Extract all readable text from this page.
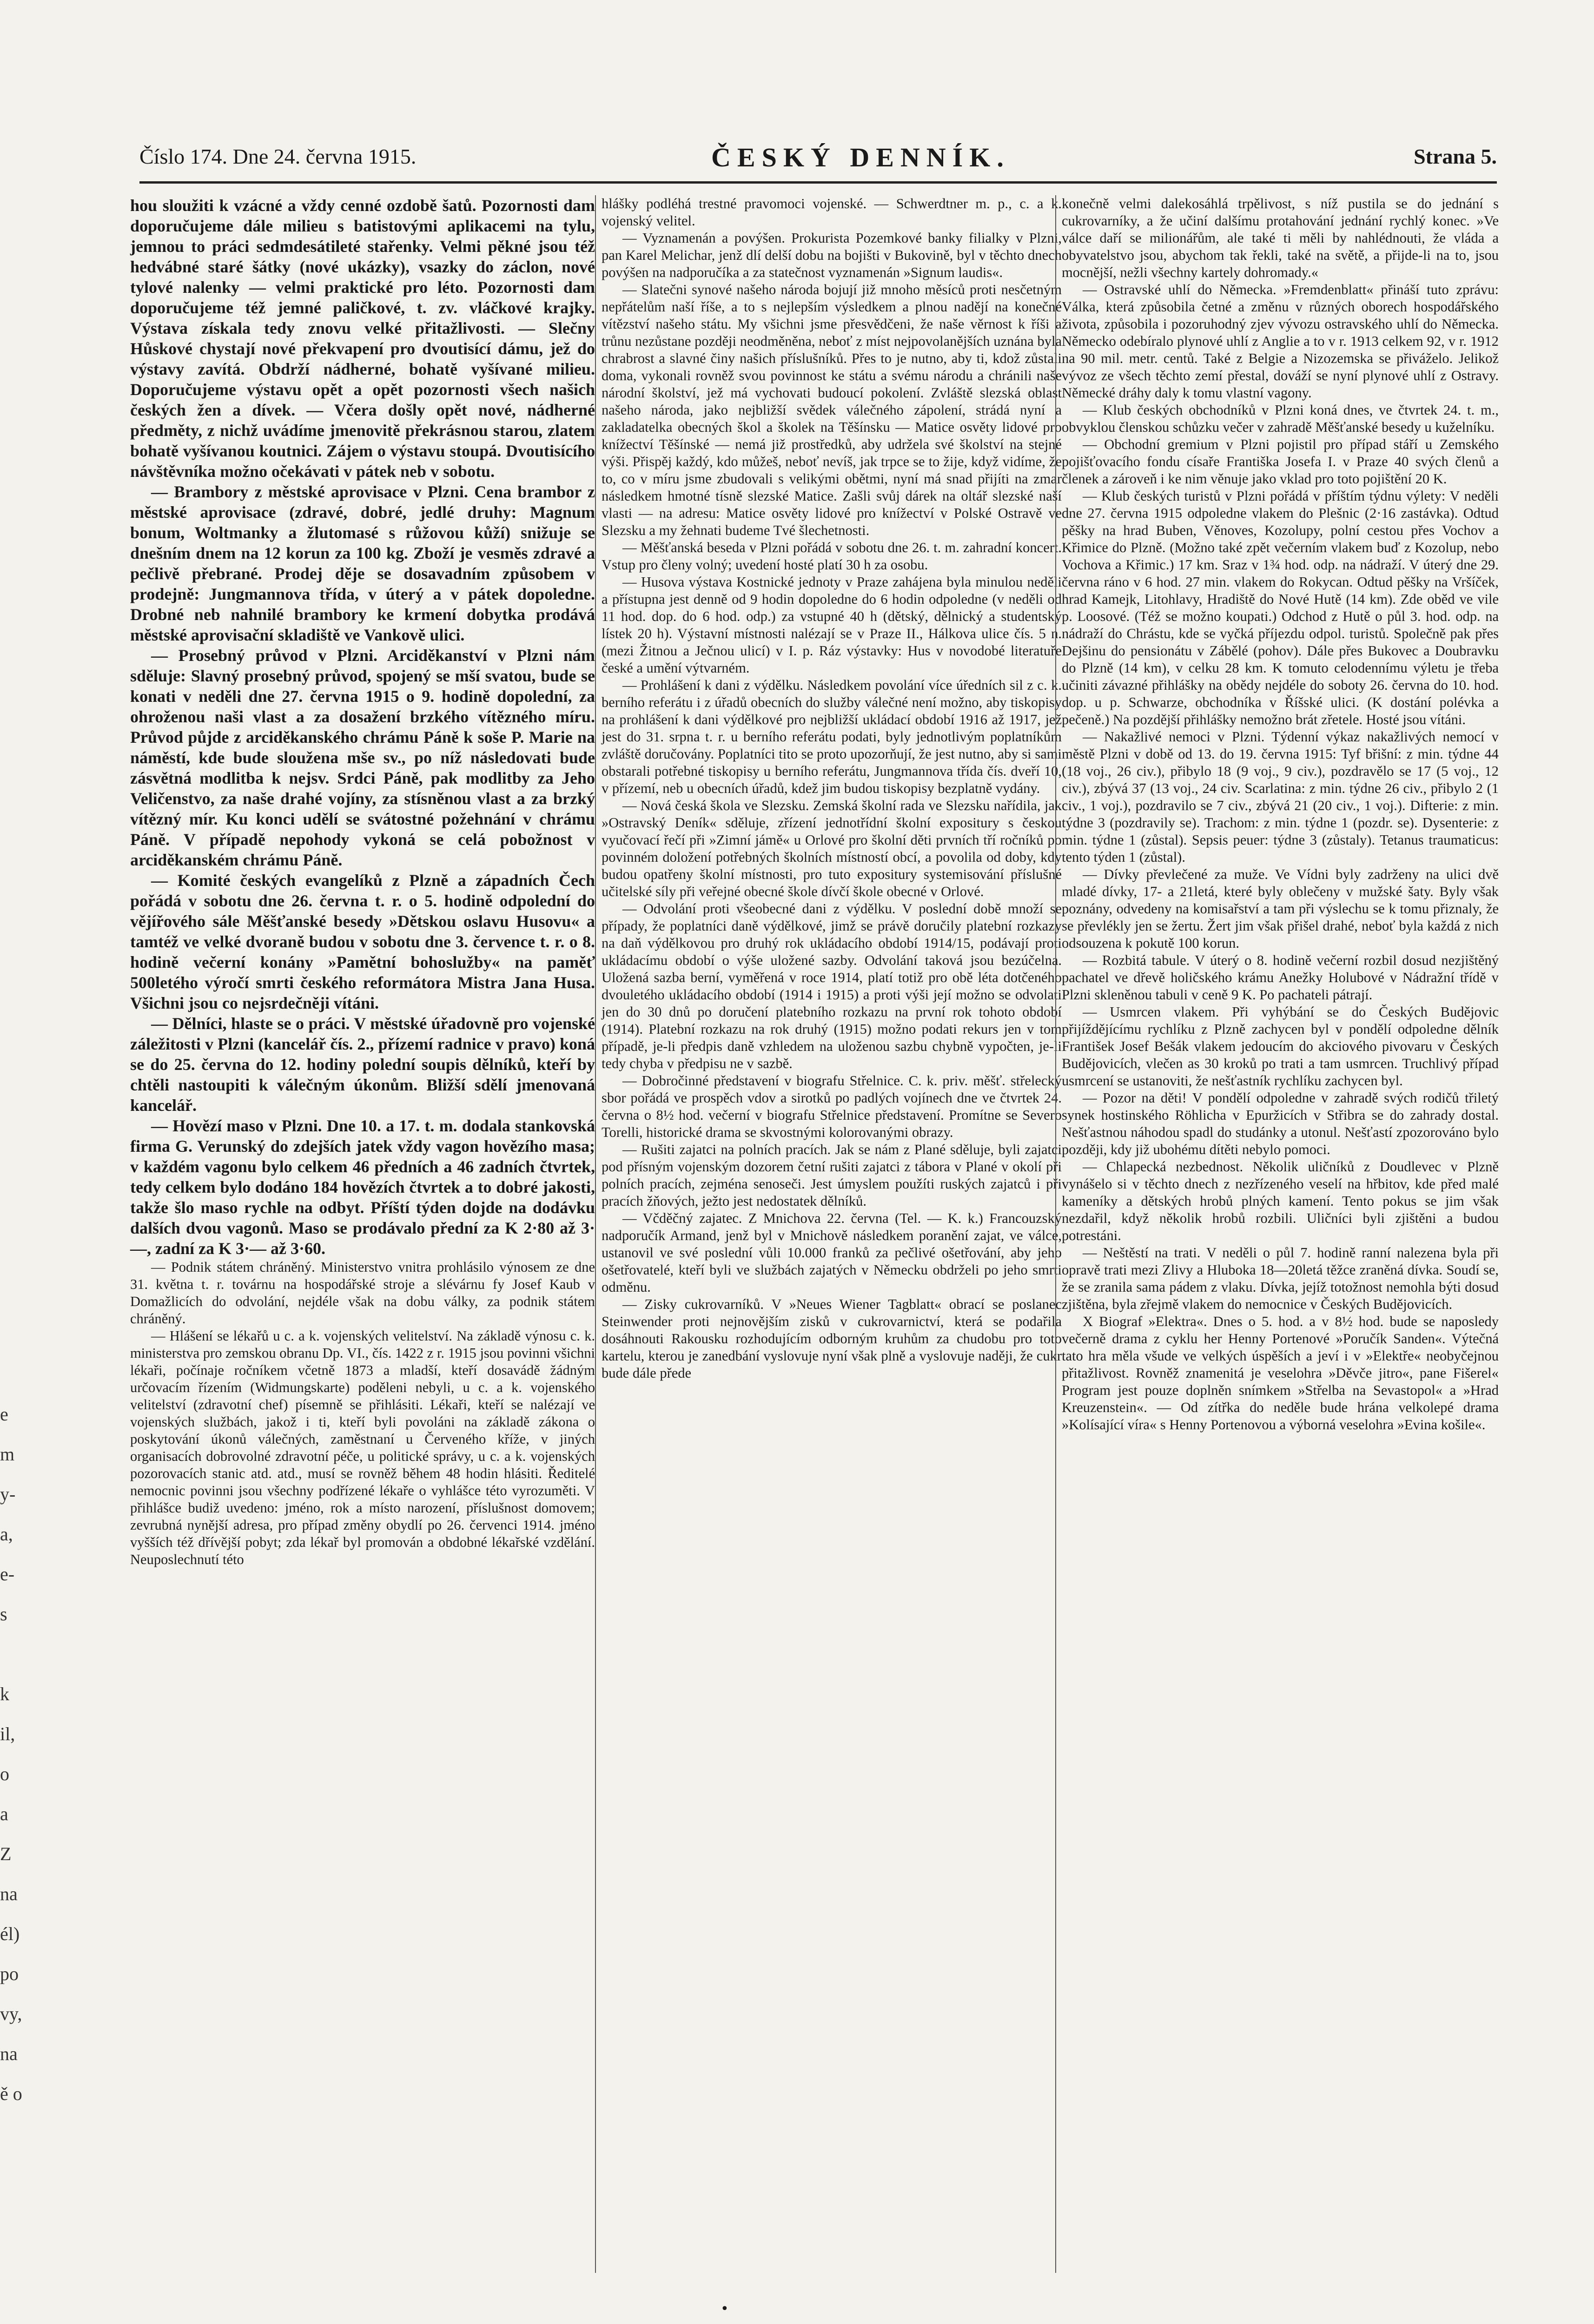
Číslo 174. Dne 24. června 1915.	ČESKÝ DENNÍK.	Strana 5.
e
m
y-
a,
e-
s

k
il,
o
a
Z
na
él)
po
vy,
na
ě o

hou sloužiti k vzácné a vždy cenné ozdobě šatů. Pozornosti dam doporučujeme dále milieu s batistovými aplikacemi na tylu, jemnou to práci sedmdesátileté stařenky. Velmi pěkné jsou též hedvábné staré šátky (nové ukázky), vsazky do záclon, nové tylové nalenky — velmi praktické pro léto. Pozornosti dam doporučujeme též jemné paličkové, t. zv. vláčkové krajky. Výstava získala tedy znovu velké přitažlivosti. — Slečny Hůskové chystají nové překvapení pro dvoutisící dámu, jež do výstavy zavítá. Obdrží nádherné, bohatě vyšívané milieu. Doporučujeme výstavu opět a opět pozornosti všech našich českých žen a dívek. — Včera došly opět nové, nádherné předměty, z nichž uvádíme jmenovitě překrásnou starou, zlatem bohatě vyšívanou koutnici. Zájem o výstavu stoupá. Dvoutisícího návštěvníka možno očekávati v pátek neb v sobotu.

— Brambory z městské aprovisace v Plzni. Cena brambor z městské aprovisace (zdravé, dobré, jedlé druhy: Magnum bonum, Woltmanky a žlutomasé s růžovou kůží) snižuje se dnešním dnem na 12 korun za 100 kg. Zboží je vesměs zdravé a pečlivě přebrané. Prodej děje se dosavadním způsobem v prodejně: Jungmannova třída, v úterý a v pátek dopoledne. Drobné neb nahnilé brambory ke krmení dobytka prodává městské aprovisační skladiště ve Vankově ulici.

— Prosebný průvod v Plzni. Arciděkanství v Plzni nám sděluje: Slavný prosebný průvod, spojený se mší svatou, bude se konati v neděli dne 27. června 1915 o 9. hodině dopolední, za ohroženou naši vlast a za dosažení brzkého vítězného míru. Průvod půjde z arciděkanského chrámu Páně k soše P. Marie na náměstí, kde bude sloužena mše sv., po níž následovati bude zásvětná modlitba k nejsv. Srdci Páně, pak modlitby za Jeho Veličenstvo, za naše drahé vojíny, za stísněnou vlast a za brzký vítězný mír. Ku konci udělí se svátostné požehnání v chrámu Páně. V případě nepohody vykoná se celá pobožnost v arciděkanském chrámu Páně.

— Komité českých evangelíků z Plzně a západních Čech pořádá v sobotu dne 26. června t. r. o 5. hodině odpolední do vějířového sále Měšťanské besedy »Dětskou oslavu Husovu« a tamtéž ve velké dvoraně budou v sobotu dne 3. července t. r. o 8. hodině večerní konány »Pamětní bohoslužby« na paměť 500letého výročí smrti českého reformátora Mistra Jana Husa. Všichni jsou co nejsrdečněji vítáni.

— Dělníci, hlaste se o práci. V městské úřadovně pro vojenské záležitosti v Plzni (kancelář čís. 2., přízemí radnice v pravo) koná se do 25. června do 12. hodiny polední soupis dělníků, kteří by chtěli nastoupiti k válečným úkonům. Bližší sdělí jmenovaná kancelář.

— Hovězí maso v Plzni. Dne 10. a 17. t. m. dodala stankovská firma G. Verunský do zdejších jatek vždy vagon hovězího masa; v každém vagonu bylo celkem 46 předních a 46 zadních čtvrtek, tedy celkem bylo dodáno 184 hovězích čtvrtek a to dobré jakosti, takže šlo maso rychle na odbyt. Příští týden dojde na dodávku dalších dvou vagonů. Maso se prodávalo přední za K 2·80 až 3·—, zadní za K 3·— až 3·60.

— Podnik státem chráněný. Ministerstvo vnitra prohlásilo výnosem ze dne 31. května t. r. továrnu na hospodářské stroje a slévárnu fy Josef Kaub v Domažlicích do odvolání, nejdéle však na dobu války, za podnik státem chráněný.

— Hlášení se lékařů u c. a k. vojenských velitelství. Na základě výnosu c. k. ministerstva pro zemskou obranu Dp. VI., čís. 1422 z r. 1915 jsou povinni všichni lékaři, počínaje ročníkem včetně 1873 a mladší, kteří dosavádě žádným určovacím řízením (Widmungskarte) poděleni nebyli, u c. a k. vojenského velitelství (zdravotní chef) písemně se přihlásiti. Lékaři, kteří se nalézají ve vojenských službách, jakož i ti, kteří byli povoláni na základě zákona o poskytování úkonů válečných, zaměstnaní u Červeného kříže, v jiných organisacích dobrovolné zdravotní péče, u politické správy, u c. a k. vojenských pozorovacích stanic atd. atd., musí se rovněž během 48 hodin hlásiti. Ředitelé nemocnic povinni jsou všechny podřízené lékaře o vyhlášce této vyrozuměti. V přihlášce budiž uvedeno: jméno, rok a místo narození, příslušnost domovem; zevrubná nynější adresa, pro případ změny obydlí po 26. červenci 1914. jméno vyšších též dřívější pobyt; zda lékař byl promován a obdobné lékařské vzdělání. Neuposlechnutí této

hlášky podléhá trestné pravomoci vojenské. — Schwerdtner m. p., c. a k. vojenský velitel.

— Vyznamenán a povýšen. Prokurista Pozemkové banky filialky v Plzni, pan Karel Melichar, jenž dlí delší dobu na bojišti v Bukovině, byl v těchto dnech povýšen na nadporučíka a za statečnost vyznamenán »Signum laudis«.

— Slatečni synové našeho národa bojují již mnoho měsíců proti nesčetným nepřátelům naší říše, a to s nejlepším výsledkem a plnou nadějí na konečné vítězství našeho státu. My všichni jsme přesvědčeni, že naše věrnost k říši a trůnu nezůstane později neodměněna, neboť z míst nejpovolanějších uznána byla chrabrost a slavné činy našich příslušníků. Přes to je nutno, aby ti, kdož zůstali doma, vykonali rovněž svou povinnost ke státu a svému národu a chránili naše národní školství, jež má vychovati budoucí pokolení. Zvláště slezská oblast našeho národa, jako nejbližší svědek válečného zápolení, strádá nyní a zakladatelka obecných škol a školek na Těšínsku — Matice osvěty lidové pro knížectví Těšínské — nemá již prostředků, aby udržela své školství na stejné výši. Přispěj každý, kdo můžeš, neboť nevíš, jak trpce se to žije, když vidíme, že to, co v míru jsme zbudovali s velikými obětmi, nyní má snad přijíti na zmar následkem hmotné tísně slezské Matice. Zašli svůj dárek na oltář slezské naší vlasti — na adresu: Matice osvěty lidové pro knížectví v Polské Ostravě ve Slezsku a my žehnati budeme Tvé šlechetnosti.

— Měšťanská beseda v Plzni pořádá v sobotu dne 26. t. m. zahradní koncert. Vstup pro členy volný; uvedení hosté platí 30 h za osobu.

— Husova výstava Kostnické jednoty v Praze zahájena byla minulou neděli a přístupna jest denně od 9 hodin dopoledne do 6 hodin odpoledne (v neděli od 11 hod. dop. do 6 hod. odp.) za vstupné 40 h (dětský, dělnický a studentský lístek 20 h). Výstavní místnosti nalézají se v Praze II., Hálkova ulice čís. 5 n. (mezi Žitnou a Ječnou ulicí) v I. p. Ráz výstavky: Hus v novodobé literatuře české a umění výtvarném.

— Prohlášení k dani z výdělku. Následkem povolání více úředních sil z c. k. berního referátu i z úřadů obecních do služby válečné není možno, aby tiskopisy na prohlášení k dani výdělkové pro nejbližší ukládací období 1916 až 1917, jež jest do 31. srpna t. r. u berního referátu podati, byly jednotlivým poplatníkům zvláště doručovány. Poplatníci tito se proto upozorňují, že jest nutno, aby si sami obstarali potřebné tiskopisy u berního referátu, Jungmannova třída čís. dveří 10, v přízemí, neb u obecních úřadů, kdež jim budou tiskopisy bezplatně vydány.

— Nová česká škola ve Slezsku. Zemská školní rada ve Slezsku nařídila, jak »Ostravský Deník« sděluje, zřízení jednotřídní školní expositury s českou vyučovací řečí při »Zimní jámě« u Orlové pro školní děti prvních tří ročníků po povinném doložení potřebných školních místností obcí, a povolila od doby, kdy budou opatřeny školní místnosti, pro tuto expositury systemisování příslušné učitelské síly při veřejné obecné škole dívčí škole obecné v Orlové.

— Odvolání proti všeobecné dani z výdělku. V poslední době množí se případy, že poplatníci daně výdělkové, jimž se právě doručily platební rozkazy na daň výdělkovou pro druhý rok ukládacího období 1914/15, podávají proti ukládacímu období o výše uložené sazby. Odvolání taková jsou bezúčelna. Uložená sazba berní, vyměřená v roce 1914, platí totiž pro obě léta dotčeného dvouletého ukládacího období (1914 i 1915) a proti výši její možno se odvolati jen do 30 dnů po doručení platebního rozkazu na první rok tohoto období (1914). Platební rozkazu na rok druhý (1915) možno podati rekurs jen v tom případě, je-li předpis daně vzhledem na uloženou sazbu chybně vypočten, je-li tedy chyba v předpisu ne v sazbě.

— Dobročinné představení v biografu Střelnice. C. k. priv. měšť. střelecký sbor pořádá ve prospěch vdov a sirotků po padlých vojínech dne ve čtvrtek 24. června o 8½ hod. večerní v biografu Střelnice představení. Promítne se Severo Torelli, historické drama se skvostnými kolorovanými obrazy.

— Rušiti zajatci na polních pracích. Jak se nám z Plané sděluje, byli zajatci pod přísným vojenským dozorem četní rušiti zajatci z tábora v Plané v okolí při polních pracích, zejména senoseči. Jest úmyslem použíti ruských zajatců i při pracích žňových, ježto jest nedostatek dělníků.

— Včděčný zajatec. Z Mnichova 22. června (Tel. — K. k.) Francouzský nadporučík Armand, jenž byl v Mnichově následkem poranění zajat, ve válce, ustanovil ve své poslední vůli 10.000 franků za pečlivé ošetřování, aby jeho ošetřovatelé, kteří byli ve službách zajatých v Německu obdrželi po jeho smrti odměnu.

— Zisky cukrovarníků. V »Neues Wiener Tagblatt« obrací se poslanec Steinwender proti nejnovějším zisků v cukrovarnictví, která se podařila dosáhnouti Rakousku rozhodujícím odborným kruhům za chudobu pro toto kartelu, kterou je zanedbání vyslovuje nyní však plně a vyslovuje naději, že cukr bude dále přede

konečně velmi dalekosáhlá trpělivost, s níž pustila se do jednání s cukrovarníky, a že učiní dalšímu protahování jednání rychlý konec. »Ve válce daří se milionářům, ale také ti měli by nahlédnouti, že vláda a obyvatelstvo jsou, abychom tak řekli, také na světě, a přijde-li na to, jsou mocnější, nežli všechny kartely dohromady.«

— Ostravské uhlí do Německa. »Fremdenblatt« přináší tuto zprávu: Válka, která způsobila četné a změnu v různých oborech hospodářského života, způsobila i pozoruhodný zjev vývozu ostravského uhlí do Německa. Německo odebíralo plynové uhlí z Anglie a to v r. 1913 celkem 92, v r. 1912 na 90 mil. metr. centů. Také z Belgie a Nizozemska se přiváželo. Jelikož vývoz ze všech těchto zemí přestal, dováží se nyní plynové uhlí z Ostravy. Německé dráhy daly k tomu vlastní vagony.

— Klub českých obchodníků v Plzni koná dnes, ve čtvrtek 24. t. m., obvyklou členskou schůzku večer v zahradě Měšťanské besedy u kuželníku.

— Obchodní gremium v Plzni pojistil pro případ stáří u Zemského pojišťovacího fondu císaře Františka Josefa I. v Praze 40 svých členů a členek a zároveň i ke nim věnuje jako vklad pro toto pojištění 20 K.

— Klub českých turistů v Plzni pořádá v příštím týdnu výlety: V neděli dne 27. června 1915 odpoledne vlakem do Plešnic (2·16 zastávka). Odtud pěšky na hrad Buben, Věnoves, Kozolupy, polní cestou přes Vochov a Křimice do Plzně. (Možno také zpět večerním vlakem buď z Kozolup, nebo Vochova a Křimic.) 17 km. Sraz v 1¾ hod. odp. na nádraží. V úterý dne 29. června ráno v 6 hod. 27 min. vlakem do Rokycan. Odtud pěšky na Vršíček, hrad Kamejk, Litohlavy, Hradiště do Nové Hutě (14 km). Zde oběd ve vile p. Loosové. (Též se možno koupati.) Odchod z Hutě o půl 3. hod. odp. na nádraží do Chrástu, kde se vyčká příjezdu odpol. turistů. Společně pak přes Dejšinu do pensionátu v Zábělé (pohov). Dále přes Bukovec a Doubravku do Plzně (14 km), v celku 28 km. K tomuto celodennímu výletu je třeba učiniti závazné přihlášky na obědy nejdéle do soboty 26. června do 10. hod. dop. u p. Schwarze, obchodníka v Říšské ulici. (K dostání polévka a pečeně.) Na pozdější přihlášky nemožno brát zřetele. Hosté jsou vítáni.

— Nakažlivé nemoci v Plzni. Týdenní výkaz nakažlivých nemocí v městě Plzni v době od 13. do 19. června 1915: Tyf břišní: z min. týdne 44 (18 voj., 26 civ.), přibylo 18 (9 voj., 9 civ.), pozdravělo se 17 (5 voj., 12 civ.), zbývá 37 (13 voj., 24 civ. Scarlatina: z min. týdne 26 civ., přibylo 2 (1 civ., 1 voj.), pozdravilo se 7 civ., zbývá 21 (20 civ., 1 voj.). Difterie: z min. týdne 3 (pozdravily se). Trachom: z min. týdne 1 (pozdr. se). Dysenterie: z min. týdne 1 (zůstal). Sepsis peuer: týdne 3 (zůstaly). Tetanus traumaticus: tento týden 1 (zůstal).

— Dívky převlečené za muže. Ve Vídni byly zadrženy na ulici dvě mladé dívky, 17- a 21letá, které byly oblečeny v mužské šaty. Byly však poznány, odvedeny na komisařství a tam při výslechu se k tomu přiznaly, že se převlékly jen se žertu. Žert jim však přišel drahé, neboť byla každá z nich odsouzena k pokutě 100 korun.

— Rozbitá tabule. V úterý o 8. hodině večerní rozbil dosud nezjištěný pachatel ve dřevě holičského krámu Anežky Holubové v Nádražní třídě v Plzni skleněnou tabuli v ceně 9 K. Po pachateli pátrají.

— Usmrcen vlakem. Při vyhýbání se do Českých Budějovic přijíždějícímu rychlíku z Plzně zachycen byl v pondělí odpoledne dělník František Josef Bešák vlakem jedoucím do akciového pivovaru v Českých Budějovicích, vlečen as 30 kroků po trati a tam usmrcen. Truchlivý případ usmrcení se ustanoviti, že nešťastník rychlíku zachycen byl.

— Pozor na děti! V pondělí odpoledne v zahradě svých rodičů třiletý synek hostinského Röhlicha v Epuržicích v Střibra se do zahrady dostal. Nešťastnou náhodou spadl do studánky a utonul. Nešťastí zpozorováno bylo později, kdy již ubohému dítěti nebylo pomoci.

— Chlapecká nezbednost. Několik uličníků z Doudlevec v Plzně vynášelo si v těchto dnech z nezřízeného veselí na hřbitov, kde před malé kameníky a dětských hrobů plných kamení. Tento pokus se jim však nezdařil, když několik hrobů rozbili. Uličníci byli zjištěni a budou potrestáni.

— Neštěstí na trati. V neděli o půl 7. hodině ranní nalezena byla při opravě trati mezi Zlivy a Hluboka 18—20letá těžce zraněná dívka. Soudí se, že se zranila sama pádem z vlaku. Dívka, jejíž totožnost nemohla býti dosud zjištěna, byla zřejmě vlakem do nemocnice v Českých Budějovicích.

X Biograf »Elektra«. Dnes o 5. hod. a v 8½ hod. bude se naposledy večerně drama z cyklu her Henny Portenové »Poručík Sanden«. Výtečná tato hra měla všude ve velkých úspěších a jeví i v »Elektře« neobyčejnou přitažlivost. Rovněž znamenitá je veselohra »Děvče jitro«, pane Fišerel« Program jest pouze doplněn snímkem »Střelba na Sevastopol« a »Hrad Kreuzenstein«. — Od zítřka do neděle bude hrána velkolepé drama »Kolísající víra« s Henny Portenovou a výborná veselohra »Evina košile«.

•
